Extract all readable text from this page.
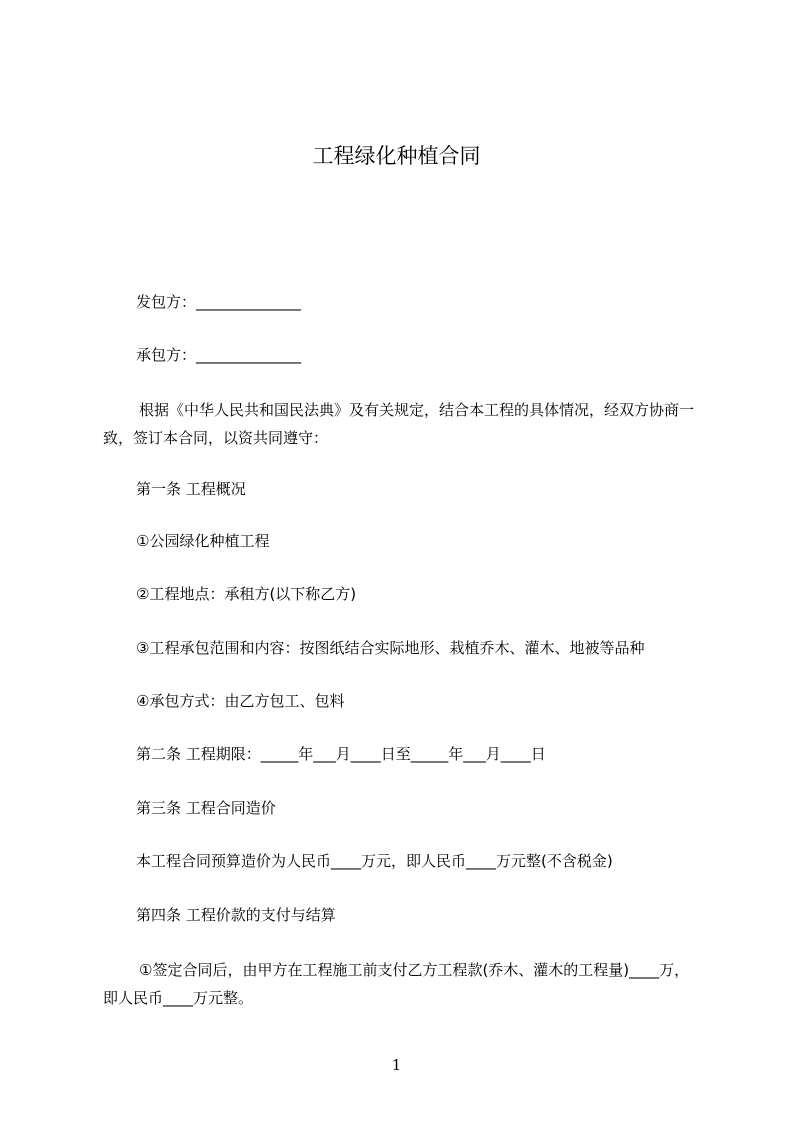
工程绿化种植合同
发包方：______________
承包方：______________
根据《中华人民共和国民法典》及有关规定，结合本工程的具体情况，经双方协商一致，签订本合同，以资共同遵守：
第一条 工程概况
①公园绿化种植工程
②工程地点：承租方(以下称乙方)
③工程承包范围和内容：按图纸结合实际地形、栽植乔木、灌木、地被等品种
④承包方式：由乙方包工、包料
第二条 工程期限：_____年___月____日至_____年___月____日
第三条 工程合同造价
本工程合同预算造价为人民币____万元，即人民币____万元整(不含税金)
第四条 工程价款的支付与结算
①签定合同后，由甲方在工程施工前支付乙方工程款(乔木、灌木的工程量)____万，即人民币____万元整。
1
